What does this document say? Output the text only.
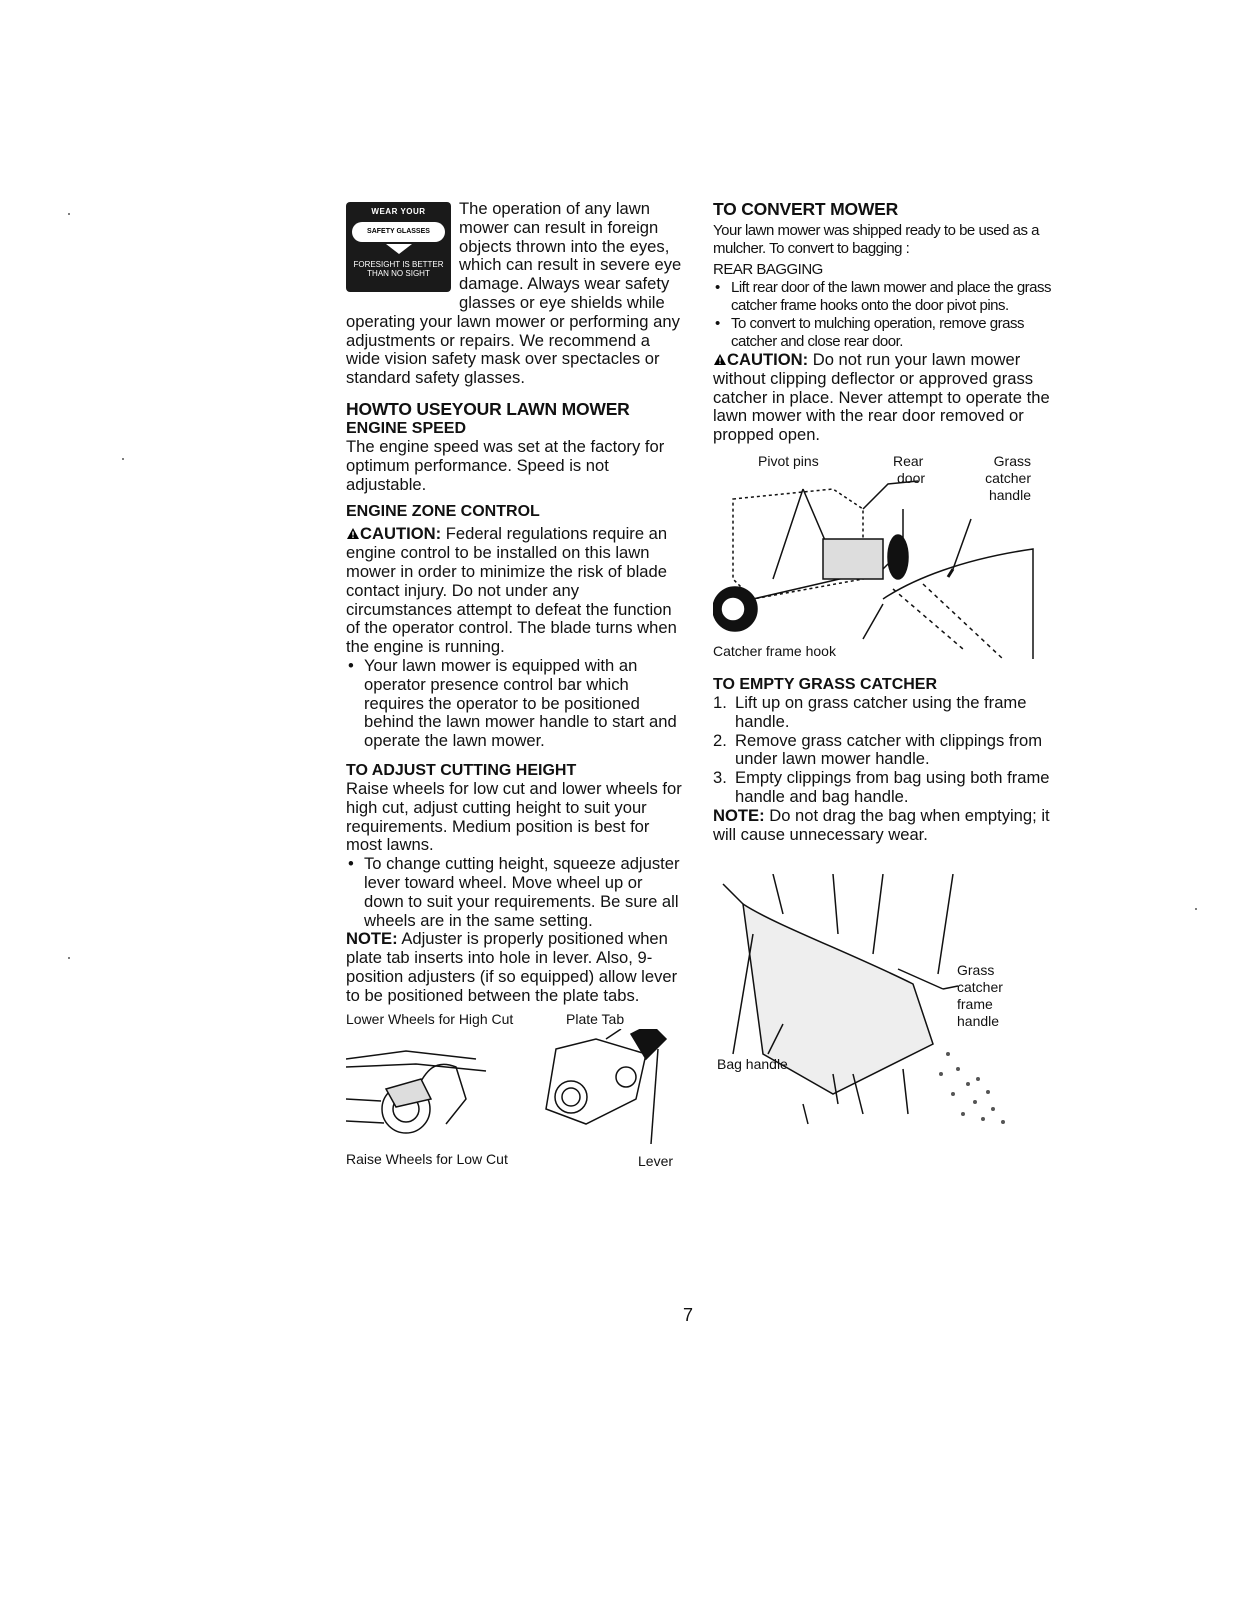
WEAR YOUR
SAFETY GLASSES
FORESIGHT IS BETTER
THAN NO SIGHT

The operation of any lawn mower can result in foreign objects thrown into the eyes, which can result in severe eye damage. Always wear safety glasses or eye shields while operating your lawn mower or performing any adjustments or repairs. We recommend a wide vision safety mask over spectacles or standard safety glasses.

HOWTO USEYOUR LAWN MOWER
ENGINE SPEED

The engine speed was set at the factory for optimum performance. Speed is not adjustable.

ENGINE ZONE CONTROL

CAUTION: Federal regulations require an engine control to be installed on this lawn mower in order to minimize the risk of blade contact injury. Do not under any circumstances attempt to defeat the function of the operator control. The blade turns when the engine is running.

• Your lawn mower is equipped with an operator presence control bar which requires the operator to be positioned behind the lawn mower handle to start and operate the lawn mower.
TO ADJUST CUTTING HEIGHT

Raise wheels for low cut and lower wheels for high cut, adjust cutting height to suit your requirements. Medium position is best for most lawns.

• To change cutting height, squeeze adjuster lever toward wheel. Move wheel up or down to suit your requirements. Be sure all wheels are in the same setting.

NOTE: Adjuster is properly positioned when plate tab inserts into hole in lever. Also, 9-position adjusters (if so equipped) allow lever to be positioned between the plate tabs.

Lower Wheels for High Cut	Plate Tab
Raise Wheels for Low Cut	Lever
TO CONVERT MOWER

Your lawn mower was shipped ready to be used as a mulcher. To convert to bagging :

REAR BAGGING

• Lift rear door of the lawn mower and place the grass catcher frame hooks onto the door pivot pins.
• To convert to mulching operation, remove grass catcher and close rear door.

CAUTION: Do not run your lawn mower without clipping deflector or approved grass catcher in place. Never attempt to operate the lawn mower with the rear door removed or propped open.

Pivot pins	Rear
door
Grass
catcher
handle
Catcher frame hook
TO EMPTY GRASS CATCHER
1. Lift up on grass catcher using the frame handle.
2. Remove grass catcher with clippings from under lawn mower handle.
3. Empty clippings from bag using both frame handle and bag handle.

NOTE: Do not drag the bag when emptying; it will cause unnecessary wear.

Grass
catcher
frame
handle
Bag handle
7
